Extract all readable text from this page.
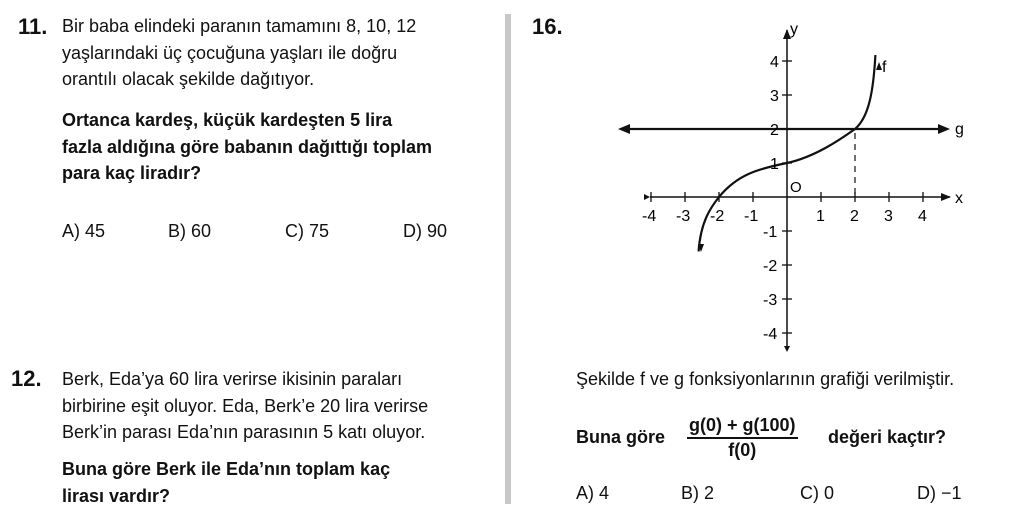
11. Bir baba elindeki paranın tamamını 8, 10, 12
yaşlarındaki üç çocuğuna yaşları ile doğru
orantılı olacak şekilde dağıtıyor.
Ortanca kardeş, küçük kardeşten 5 lira
fazla aldığına göre babanın dağıttığı toplam
para kaç liradır?
A) 45	B) 60	C) 75	D) 90
12. Berk, Eda’ya 60 lira verirse ikisinin paraları
birbirine eşit oluyor. Eda, Berk’e 20 lira verirse
Berk’in parası Eda’nın parasının 5 katı oluyor.
Buna göre Berk ile Eda’nın toplam kaç
lirası vardır?
16.	y
x
f
g
O
-4 -3 -2 -1	1 2 3 4
4
3
2
1
-1
-2
-3
-4
Şekilde f ve g fonksiyonlarının grafiği verilmiştir.
Buna göre $\frac{g(0) + g(100)}{f(0)}$ değeri kaçtır?
A) 4	B) 2	C) 0	D) −1
